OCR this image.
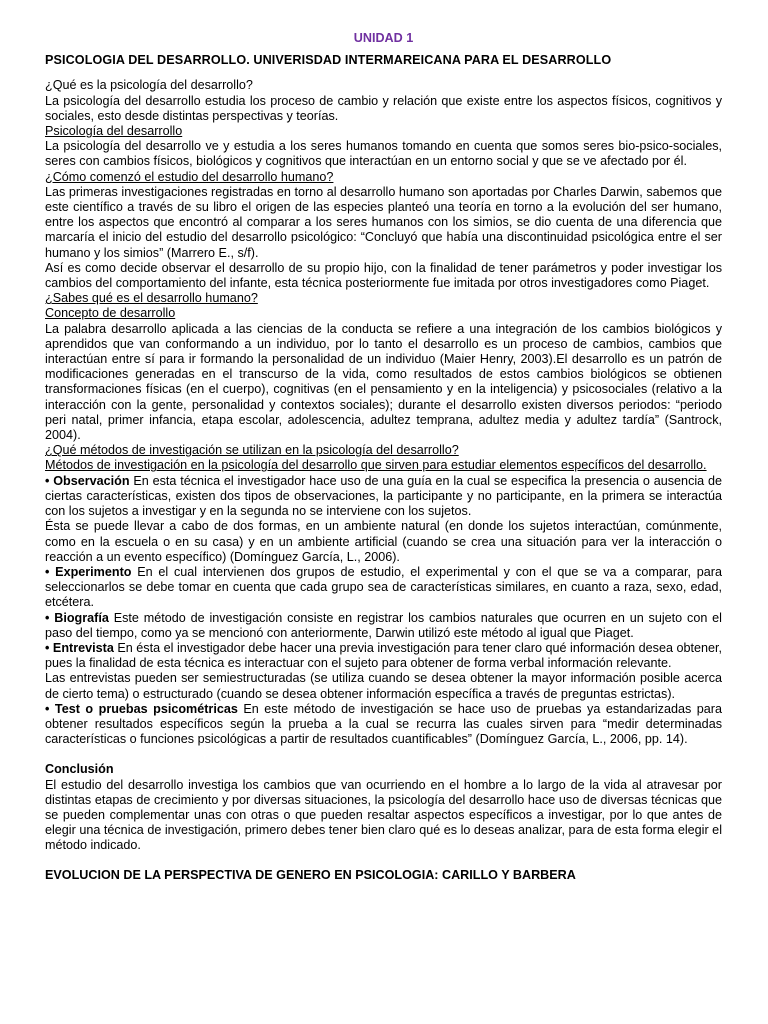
UNIDAD 1

PSICOLOGIA DEL DESARROLLO. UNIVERISDAD INTERMAREICANA PARA EL DESARROLLO

¿Qué es la psicología del desarrollo?

La psicología del desarrollo estudia los proceso de cambio y relación que existe entre los aspectos físicos, cognitivos y sociales, esto desde distintas perspectivas y teorías.

Psicología del desarrollo

La psicología del desarrollo ve y estudia a los seres humanos tomando en cuenta que somos seres bio-psico-sociales, seres con cambios físicos, biológicos y cognitivos que interactúan en un entorno social y que se ve afectado por él.

¿Cómo comenzó el estudio del desarrollo humano?

Las primeras investigaciones registradas en torno al desarrollo humano son aportadas por Charles Darwin, sabemos que este científico a través de su libro el origen de las especies planteó una teoría en torno a la evolución del ser humano, entre los aspectos que encontró al comparar a los seres humanos con los simios, se dio cuenta de una diferencia que marcaría el inicio del estudio del desarrollo psicológico: “Concluyó que había una discontinuidad psicológica entre el ser humano y los simios” (Marrero E., s/f).

Así es como decide observar el desarrollo de su propio hijo, con la finalidad de tener parámetros y poder investigar los cambios del comportamiento del infante, esta técnica posteriormente fue imitada por otros investigadores como Piaget.

¿Sabes qué es el desarrollo humano?

Concepto de desarrollo

La palabra desarrollo aplicada a las ciencias de la conducta se refiere a una integración de los cambios biológicos y aprendidos que van conformando a un individuo, por lo tanto el desarrollo es un proceso de cambios, cambios que interactúan entre sí para ir formando la personalidad de un individuo (Maier Henry, 2003).El desarrollo es un patrón de modificaciones generadas en el transcurso de la vida, como resultados de estos cambios biológicos se obtienen transformaciones físicas (en el cuerpo), cognitivas (en el pensamiento y en la inteligencia) y psicosociales (relativo a la interacción con la gente, personalidad y contextos sociales); durante el desarrollo existen diversos periodos: “periodo peri natal, primer infancia, etapa escolar, adolescencia, adultez temprana, adultez media y adultez tardía” (Santrock, 2004).

¿Qué métodos de investigación se utilizan en la psicología del desarrollo?

Métodos de investigación en la psicología del desarrollo que sirven para estudiar elementos específicos del desarrollo.

• Observación En esta técnica el investigador hace uso de una guía en la cual se especifica la presencia o ausencia de ciertas características, existen dos tipos de observaciones, la participante y no participante, en la primera se interactúa con los sujetos a investigar y en la segunda no se interviene con los sujetos.

Ésta se puede llevar a cabo de dos formas, en un ambiente natural (en donde los sujetos interactúan, comúnmente, como en la escuela o en su casa) y en un ambiente artificial (cuando se crea una situación para ver la interacción o reacción a un evento específico) (Domínguez García, L., 2006).

• Experimento En el cual intervienen dos grupos de estudio, el experimental y con el que se va a comparar, para seleccionarlos se debe tomar en cuenta que cada grupo sea de características similares, en cuanto a raza, sexo, edad, etcétera.

• Biografía Este método de investigación consiste en registrar los cambios naturales que ocurren en un sujeto con el paso del tiempo, como ya se mencionó con anteriormente, Darwin utilizó este método al igual que Piaget.

• Entrevista En ésta el investigador debe hacer una previa investigación para tener claro qué información desea obtener, pues la finalidad de esta técnica es interactuar con el sujeto para obtener de forma verbal información relevante.

Las entrevistas pueden ser semiestructuradas (se utiliza cuando se desea obtener la mayor información posible acerca de cierto tema) o estructurado (cuando se desea obtener información específica a través de preguntas estrictas).

• Test o pruebas psicométricas En este método de investigación se hace uso de pruebas ya estandarizadas para obtener resultados específicos según la prueba a la cual se recurra las cuales sirven para “medir determinadas características o funciones psicológicas a partir de resultados cuantificables” (Domínguez García, L., 2006, pp. 14).

Conclusión

El estudio del desarrollo investiga los cambios que van ocurriendo en el hombre a lo largo de la vida al atravesar por distintas etapas de crecimiento y por diversas situaciones, la psicología del desarrollo hace uso de diversas técnicas que se pueden complementar unas con otras o que pueden resaltar aspectos específicos a investigar, por lo que antes de elegir una técnica de investigación, primero debes tener bien claro qué es lo deseas analizar, para de esta forma elegir el método indicado.

EVOLUCION DE LA PERSPECTIVA DE GENERO EN PSICOLOGIA: CARILLO Y BARBERA
